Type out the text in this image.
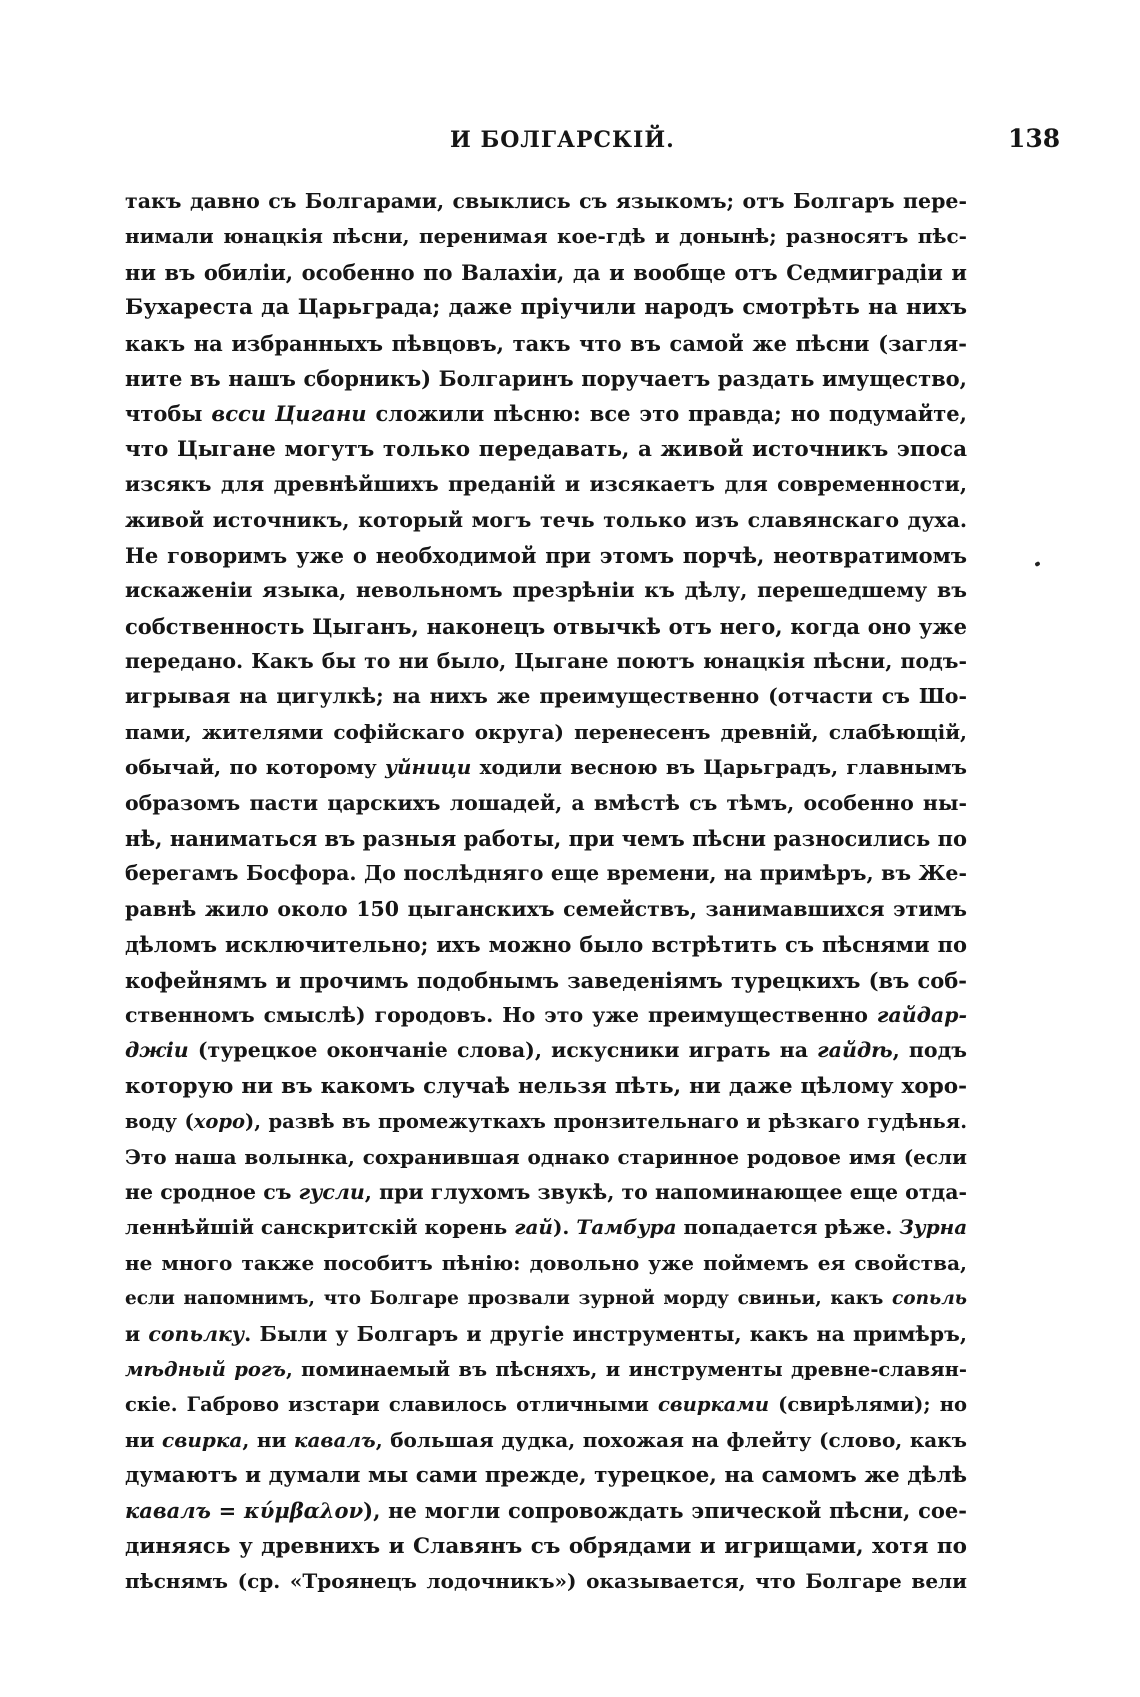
И БОЛГАРСКІЙ.	138
такъ давно съ Болгарами, свыклись съ языкомъ; отъ Болгаръ пере-
нимали юнацкія пѣсни, перенимая кое-гдѣ и донынѣ; разносятъ пѣс-
ни въ обиліи, особенно по Валахіи, да и вообще отъ Седмиградіи и
Бухареста да Царьграда; даже пріучили народъ смотрѣть на нихъ
какъ на избранныхъ пѣвцовъ, такъ что въ самой же пѣсни (загля-
ните въ нашъ сборникъ) Болгаринъ поручаетъ раздать имущество,
чтобы всси Цигани сложили пѣсню: все это правда; но подумайте,
что Цыгане могутъ только передавать, а живой источникъ эпоса
изсякъ для древнѣйшихъ преданій и изсякаетъ для современности,
живой источникъ, который могъ течь только изъ славянскаго духа.
Не говоримъ уже о необходимой при этомъ порчѣ, неотвратимомъ
искаженіи языка, невольномъ презрѣніи къ дѣлу, перешедшему въ
собственность Цыганъ, наконецъ отвычкѣ отъ него, когда оно уже
передано. Какъ бы то ни было, Цыгане поютъ юнацкія пѣсни, подъ-
игрывая на цигулкѣ; на нихъ же преимущественно (отчасти съ Шо-
пами, жителями софійскаго округа) перенесенъ древній, слабѣющій,
обычай, по которому уйници ходили весною въ Царьградъ, главнымъ
образомъ пасти царскихъ лошадей, а вмѣстѣ съ тѣмъ, особенно ны-
нѣ, наниматься въ разныя работы, при чемъ пѣсни разносились по
берегамъ Босфора. До послѣдняго еще времени, на примѣръ, въ Же-
равнѣ жило около 150 цыганскихъ семействъ, занимавшихся этимъ
дѣломъ исключительно; ихъ можно было встрѣтить съ пѣснями по
кофейнямъ и прочимъ подобнымъ заведеніямъ турецкихъ (въ соб-
ственномъ смыслѣ) городовъ. Но это уже преимущественно гайдар-
джіи (турецкое окончаніе слова), искусники играть на гайдѣ, подъ
которую ни въ какомъ случаѣ нельзя пѣть, ни даже цѣлому хоро-
воду (хоро), развѣ въ промежуткахъ пронзительнаго и рѣзкаго гудѣнья.
Это наша волынка, сохранившая однако старинное родовое имя (если
не сродное съ гусли, при глухомъ звукѣ, то напоминающее еще отда-
леннѣйшій санскритскій корень гай). Тамбура попадается рѣже. Зурна
не много также пособитъ пѣнію: довольно уже поймемъ ея свойства,
если напомнимъ, что Болгаре прозвали зурной морду свиньи, какъ сопьль
и сопьлку. Были у Болгаръ и другіе инструменты, какъ на примѣръ,
мѣдный рогъ, поминаемый въ пѣсняхъ, и инструменты древне-славян-
скіе. Габрово изстари славилось отличными свирками (свирѣлями); но
ни свирка, ни кавалъ, большая дудка, похожая на флейту (слово, какъ
думаютъ и думали мы сами прежде, турецкое, на самомъ же дѣлѣ
кавалъ = κύμβαλον), не могли сопровождать эпической пѣсни, сое-
диняясь у древнихъ и Славянъ съ обрядами и игрищами, хотя по
пѣснямъ (ср. «Троянецъ лодочникъ») оказывается, что Болгаре вели
